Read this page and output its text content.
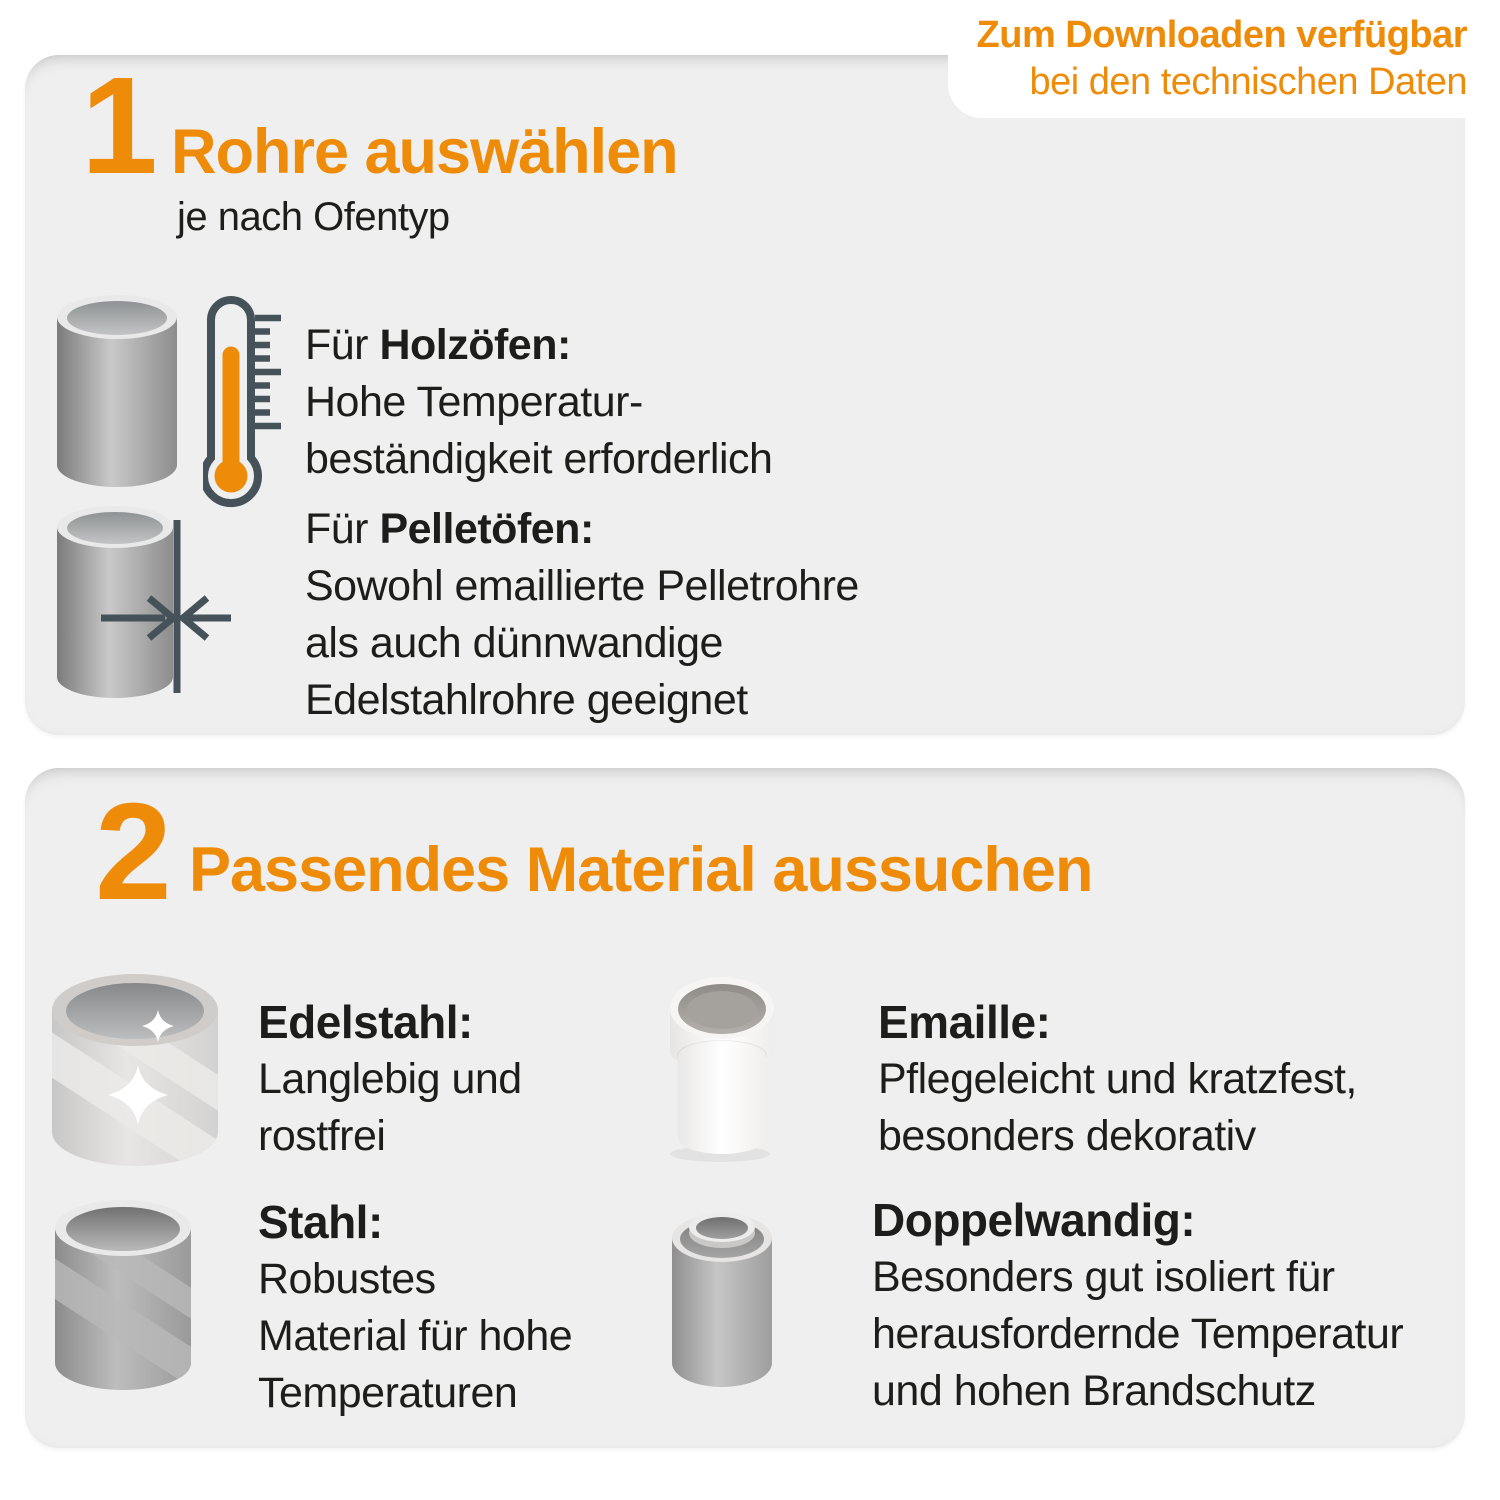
1 Rohre auswählen
je nach Ofentyp
Für Holzöfen:
Hohe Temperatur-
beständigkeit erforderlich
Für Pelletöfen:
Sowohl emaillierte Pelletrohre
als auch dünnwandige
Edelstahlrohre geeignet
2 Passendes Material aussuchen
Edelstahl:
Langlebig und
rostfrei
Emaille:
Pflegeleicht und kratzfest,
besonders dekorativ
Stahl:
Robustes
Material für hohe
Temperaturen
Doppelwandig:
Besonders gut isoliert für
herausfordernde Temperatur
und hohen Brandschutz
Zum Downloaden verfügbar
bei den technischen Daten
